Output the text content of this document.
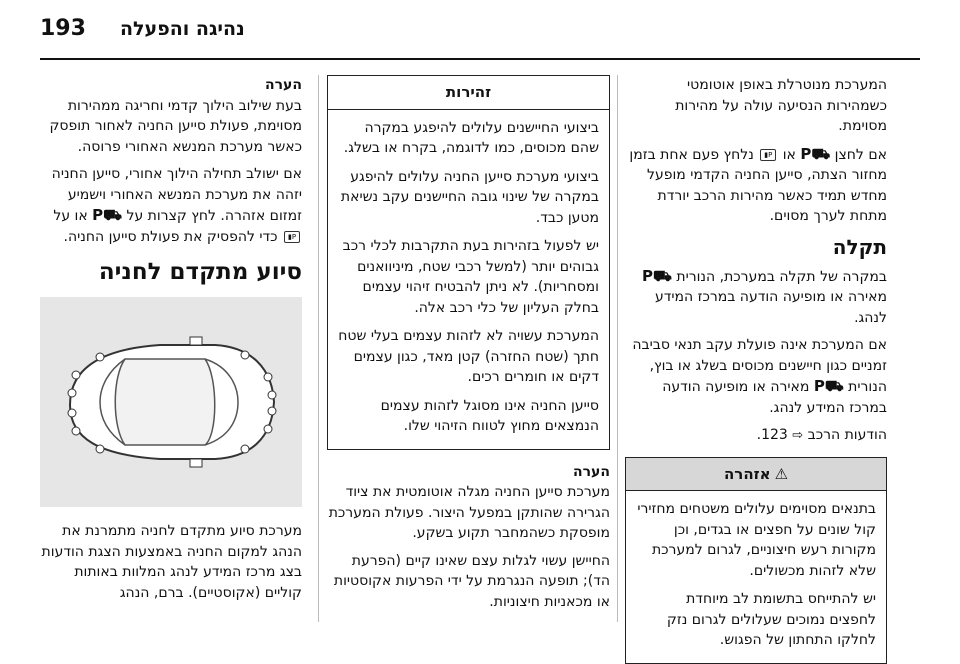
193 נהיגה והפעלה

המערכת מנוטרלת באופן אוטומטי כשמהירות הנסיעה עולה על מהירות מסוימת.

אם לחצן ⛟P או P▮ נלחץ פעם אחת בזמן מחזור הצתה, סייען החניה הקדמי מופעל מחדש תמיד כאשר מהירות הרכב יורדת מתחת לערך מסוים.

תקלה

במקרה של תקלה במערכת, הנורית ⛟P מאירה או מופיעה הודעה במרכז המידע לנהג.

אם המערכת אינה פועלת עקב תנאי סביבה זמניים כגון חיישנים מכוסים בשלג או בוץ, הנורית ⛟P מאירה או מופיעה הודעה במרכז המידע לנהג.

הודעות הרכב ⇨ 123.

⚠אזהרה

בתנאים מסוימים עלולים משטחים מחזירי קול שונים על חפצים או בגדים, וכן מקורות רעש חיצוניים, לגרום למערכת שלא לזהות מכשולים.

יש להתייחס בתשומת לב מיוחדת לחפצים נמוכים שעלולים לגרום נזק לחלקו התחתון של הפגוש.

זהירות

ביצועי החיישנים עלולים להיפגע במקרה שהם מכוסים, כמו לדוגמה, בקרח או בשלג.

ביצועי מערכת סייען החניה עלולים להיפגע במקרה של שינוי גובה החיישנים עקב נשיאת מטען כבד.

יש לפעול בזהירות בעת התקרבות לכלי רכב גבוהים יותר (למשל רכבי שטח, מיניוואנים ומסחריות). לא ניתן להבטיח זיהוי עצמים בחלק העליון של כלי רכב אלה.

המערכת עשויה לא לזהות עצמים בעלי שטח חתך (שטח החזרה) קטן מאד, כגון עצמים דקים או חומרים רכים.

סייען החניה אינו מסוגל לזהות עצמים הנמצאים מחוץ לטווח הזיהוי שלו.

הערה

מערכת סייען החניה מגלה אוטומטית את ציוד הגרירה שהותקן במפעל היצור. פעולת המערכת מופסקת כשהמחבר תקוע בשקע.

החיישן עשוי לגלות עצם שאינו קיים (הפרעת הד); תופעה הנגרמת על ידי הפרעות אקוסטיות או מכאניות חיצוניות.

הערה

בעת שילוב הילוך קדמי וחריגה ממהירות מסוימת, פעולת סייען החניה לאחור תופסק כאשר מערכת המנשא האחורי פרוסה.

אם ישולב תחילה הילוך אחורי, סייען החניה יזהה את מערכת המנשא האחורי וישמיע זמזום אזהרה. לחץ קצרות על ⛟P או על P▮ כדי להפסיק את פעולת סייען החניה.

סיוע מתקדם לחניה

מערכת סיוע מתקדם לחניה מתמרנת את הנהג למקום החניה באמצעות הצגת הודעות בצג מרכז המידע לנהג המלוות באותות קוליים (אקוסטיים). ברם, הנהג
